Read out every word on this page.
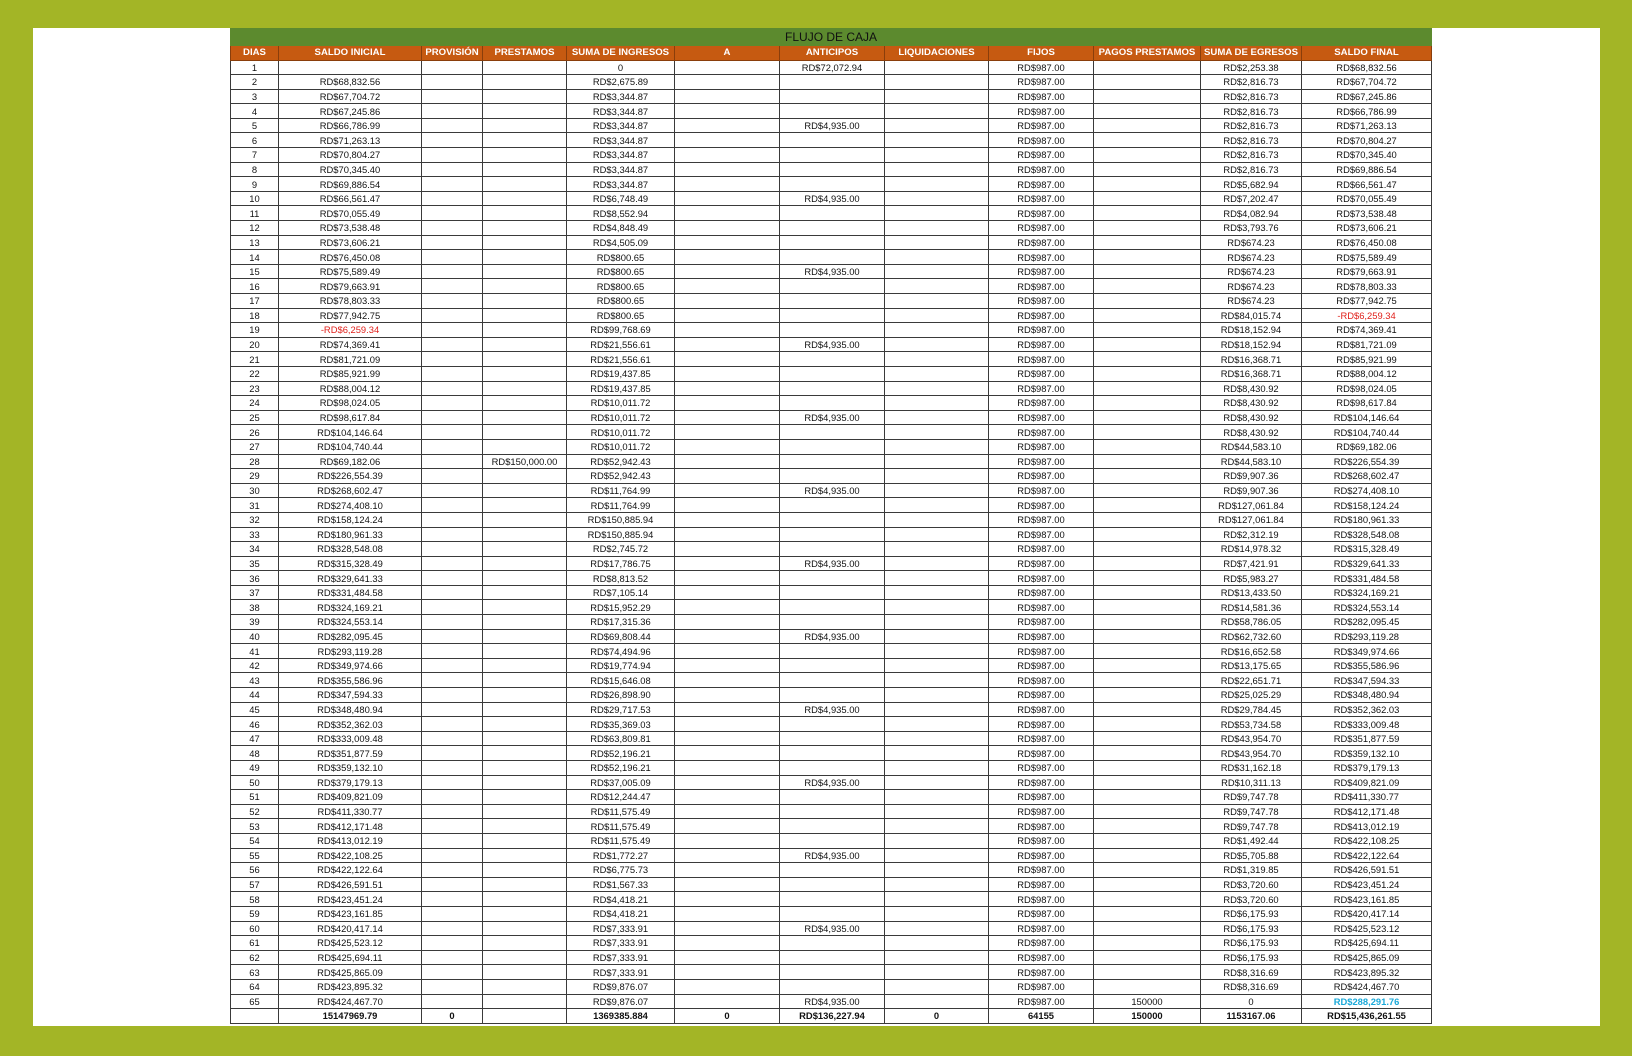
FLUJO DE CAJA											
DIAS	SALDO INICIAL	PROVISIÓN	PRESTAMOS	SUMA DE INGRESOS	A	ANTICIPOS	LIQUIDACIONES	FIJOS	PAGOS PRESTAMOS	SUMA DE EGRESOS	SALDO FINAL
1				0		RD$72,072.94		RD$987.00		RD$2,253.38	RD$68,832.56
2	RD$68,832.56			RD$2,675.89				RD$987.00		RD$2,816.73	RD$67,704.72
3	RD$67,704.72			RD$3,344.87				RD$987.00		RD$2,816.73	RD$67,245.86
4	RD$67,245.86			RD$3,344.87				RD$987.00		RD$2,816.73	RD$66,786.99
5	RD$66,786.99			RD$3,344.87		RD$4,935.00		RD$987.00		RD$2,816.73	RD$71,263.13
6	RD$71,263.13			RD$3,344.87				RD$987.00		RD$2,816.73	RD$70,804.27
7	RD$70,804.27			RD$3,344.87				RD$987.00		RD$2,816.73	RD$70,345.40
8	RD$70,345.40			RD$3,344.87				RD$987.00		RD$2,816.73	RD$69,886.54
9	RD$69,886.54			RD$3,344.87				RD$987.00		RD$5,682.94	RD$66,561.47
10	RD$66,561.47			RD$6,748.49		RD$4,935.00		RD$987.00		RD$7,202.47	RD$70,055.49
11	RD$70,055.49			RD$8,552.94				RD$987.00		RD$4,082.94	RD$73,538.48
12	RD$73,538.48			RD$4,848.49				RD$987.00		RD$3,793.76	RD$73,606.21
13	RD$73,606.21			RD$4,505.09				RD$987.00		RD$674.23	RD$76,450.08
14	RD$76,450.08			RD$800.65				RD$987.00		RD$674.23	RD$75,589.49
15	RD$75,589.49			RD$800.65		RD$4,935.00		RD$987.00		RD$674.23	RD$79,663.91
16	RD$79,663.91			RD$800.65				RD$987.00		RD$674.23	RD$78,803.33
17	RD$78,803.33			RD$800.65				RD$987.00		RD$674.23	RD$77,942.75
18	RD$77,942.75			RD$800.65				RD$987.00		RD$84,015.74	-RD$6,259.34
19	-RD$6,259.34			RD$99,768.69				RD$987.00		RD$18,152.94	RD$74,369.41
20	RD$74,369.41			RD$21,556.61		RD$4,935.00		RD$987.00		RD$18,152.94	RD$81,721.09
21	RD$81,721.09			RD$21,556.61				RD$987.00		RD$16,368.71	RD$85,921.99
22	RD$85,921.99			RD$19,437.85				RD$987.00		RD$16,368.71	RD$88,004.12
23	RD$88,004.12			RD$19,437.85				RD$987.00		RD$8,430.92	RD$98,024.05
24	RD$98,024.05			RD$10,011.72				RD$987.00		RD$8,430.92	RD$98,617.84
25	RD$98,617.84			RD$10,011.72		RD$4,935.00		RD$987.00		RD$8,430.92	RD$104,146.64
26	RD$104,146.64			RD$10,011.72				RD$987.00		RD$8,430.92	RD$104,740.44
27	RD$104,740.44			RD$10,011.72				RD$987.00		RD$44,583.10	RD$69,182.06
28	RD$69,182.06		RD$150,000.00	RD$52,942.43				RD$987.00		RD$44,583.10	RD$226,554.39
29	RD$226,554.39			RD$52,942.43				RD$987.00		RD$9,907.36	RD$268,602.47
30	RD$268,602.47			RD$11,764.99		RD$4,935.00		RD$987.00		RD$9,907.36	RD$274,408.10
31	RD$274,408.10			RD$11,764.99				RD$987.00		RD$127,061.84	RD$158,124.24
32	RD$158,124.24			RD$150,885.94				RD$987.00		RD$127,061.84	RD$180,961.33
33	RD$180,961.33			RD$150,885.94				RD$987.00		RD$2,312.19	RD$328,548.08
34	RD$328,548.08			RD$2,745.72				RD$987.00		RD$14,978.32	RD$315,328.49
35	RD$315,328.49			RD$17,786.75		RD$4,935.00		RD$987.00		RD$7,421.91	RD$329,641.33
36	RD$329,641.33			RD$8,813.52				RD$987.00		RD$5,983.27	RD$331,484.58
37	RD$331,484.58			RD$7,105.14				RD$987.00		RD$13,433.50	RD$324,169.21
38	RD$324,169.21			RD$15,952.29				RD$987.00		RD$14,581.36	RD$324,553.14
39	RD$324,553.14			RD$17,315.36				RD$987.00		RD$58,786.05	RD$282,095.45
40	RD$282,095.45			RD$69,808.44		RD$4,935.00		RD$987.00		RD$62,732.60	RD$293,119.28
41	RD$293,119.28			RD$74,494.96				RD$987.00		RD$16,652.58	RD$349,974.66
42	RD$349,974.66			RD$19,774.94				RD$987.00		RD$13,175.65	RD$355,586.96
43	RD$355,586.96			RD$15,646.08				RD$987.00		RD$22,651.71	RD$347,594.33
44	RD$347,594.33			RD$26,898.90				RD$987.00		RD$25,025.29	RD$348,480.94
45	RD$348,480.94			RD$29,717.53		RD$4,935.00		RD$987.00		RD$29,784.45	RD$352,362.03
46	RD$352,362.03			RD$35,369.03				RD$987.00		RD$53,734.58	RD$333,009.48
47	RD$333,009.48			RD$63,809.81				RD$987.00		RD$43,954.70	RD$351,877.59
48	RD$351,877.59			RD$52,196.21				RD$987.00		RD$43,954.70	RD$359,132.10
49	RD$359,132.10			RD$52,196.21				RD$987.00		RD$31,162.18	RD$379,179.13
50	RD$379,179.13			RD$37,005.09		RD$4,935.00		RD$987.00		RD$10,311.13	RD$409,821.09
51	RD$409,821.09			RD$12,244.47				RD$987.00		RD$9,747.78	RD$411,330.77
52	RD$411,330.77			RD$11,575.49				RD$987.00		RD$9,747.78	RD$412,171.48
53	RD$412,171.48			RD$11,575.49				RD$987.00		RD$9,747.78	RD$413,012.19
54	RD$413,012.19			RD$11,575.49				RD$987.00		RD$1,492.44	RD$422,108.25
55	RD$422,108.25			RD$1,772.27		RD$4,935.00		RD$987.00		RD$5,705.88	RD$422,122.64
56	RD$422,122.64			RD$6,775.73				RD$987.00		RD$1,319.85	RD$426,591.51
57	RD$426,591.51			RD$1,567.33				RD$987.00		RD$3,720.60	RD$423,451.24
58	RD$423,451.24			RD$4,418.21				RD$987.00		RD$3,720.60	RD$423,161.85
59	RD$423,161.85			RD$4,418.21				RD$987.00		RD$6,175.93	RD$420,417.14
60	RD$420,417.14			RD$7,333.91		RD$4,935.00		RD$987.00		RD$6,175.93	RD$425,523.12
61	RD$425,523.12			RD$7,333.91				RD$987.00		RD$6,175.93	RD$425,694.11
62	RD$425,694.11			RD$7,333.91				RD$987.00		RD$6,175.93	RD$425,865.09
63	RD$425,865.09			RD$7,333.91				RD$987.00		RD$8,316.69	RD$423,895.32
64	RD$423,895.32			RD$9,876.07				RD$987.00		RD$8,316.69	RD$424,467.70
65	RD$424,467.70			RD$9,876.07		RD$4,935.00		RD$987.00	150000	0	RD$288,291.76
	15147969.79	0		1369385.884	0	RD$136,227.94	0	64155	150000	1153167.06	RD$15,436,261.55
